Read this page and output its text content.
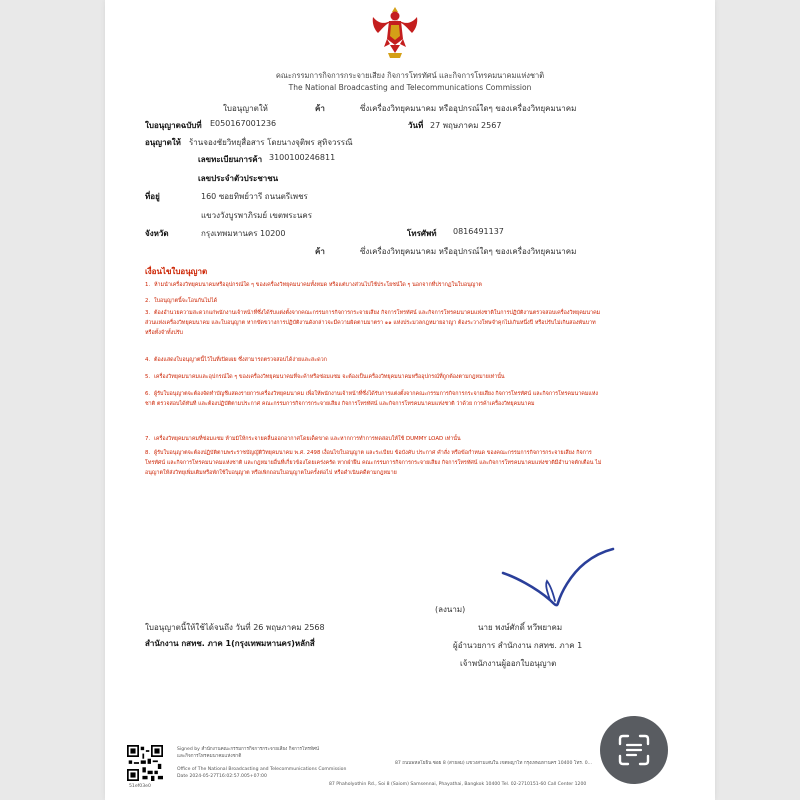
คณะกรรมการกิจการกระจายเสียง กิจการโทรทัศน์ และกิจการโทรคมนาคมแห่งชาติ
The National Broadcasting and Telecommunications Commission
ใบอนุญาตให้	ค้า	ซึ่งเครื่องวิทยุคมนาคม หรืออุปกรณ์ใดๆ ของเครื่องวิทยุคมนาคม
ใบอนุญาตฉบับที่ E050167001236	วันที่ 27 พฤษภาคม 2567
อนุญาตให้ ร้านจองชัยวิทยุสื่อสาร โดยนางจุติพร สุทิจวรรณี
เลขทะเบียนการค้า 3100100246811
เลขประจำตัวประชาชน
ที่อยู่	160 ซอยทิพย์วารี ถนนตรีเพชร
แขวงวังบูรพาภิรมย์ เขตพระนคร
จังหวัด	กรุงเทพมหานคร 10200	โทรศัพท์ 0816491137
ค้า	ซึ่งเครื่องวิทยุคมนาคม หรืออุปกรณ์ใดๆ ของเครื่องวิทยุคมนาคม
เงื่อนไขใบอนุญาต
1. ห้ามนำเครื่องวิทยุคมนาคมหรืออุปกรณ์ใด ๆ ของเครื่องวิทยุคมนาคมทั้งหมด หรือแต่บางส่วนไปใช้ประโยชน์ใด ๆ นอกจากที่ปรากฏในใบอนุญาต
2. ใบอนุญาตนี้จะโอนกันไม่ได้
3. ต้องอำนวยความสะดวกแก่พนักงานเจ้าหน้าที่ซึ่งได้รับแต่งตั้งจากคณะกรรมการกิจการกระจายเสียง กิจการโทรทัศน์ และกิจการโทรคมนาคมแห่งชาติในการปฏิบัติงานตรวจสอบเครื่องวิทยุคมนาคม ส่วนแห่งเครื่องวิทยุคมนาคม และใบอนุญาต หากขัดขวางการปฏิบัติงานดังกล่าวจะมีความผิดตามมาตรา ๑๑ แห่งประมวลกฎหมายอาญา ต้องระวางโทษจำคุกไม่เกินหนึ่งปี หรือปรับไม่เกินสองพันบาท หรือทั้งจำทั้งปรับ
4. ต้องแสดงใบอนุญาตนี้ไว้ในที่เปิดเผย ซึ่งสามารถตรวจสอบได้ง่ายและสะดวก
5. เครื่องวิทยุคมนาคมและอุปกรณ์ใด ๆ ของเครื่องวิทยุคมนาคมที่จะค้าหรือซ่อมแซม จะต้องเป็นเครื่องวิทยุคมนาคมหรืออุปกรณ์ที่ถูกต้องตามกฎหมายเท่านั้น
6. ผู้รับใบอนุญาตจะต้องจัดทำบัญชีแสดงรายการเครื่องวิทยุคมนาคม เพื่อให้พนักงานเจ้าหน้าที่ซึ่งได้รับการแต่งตั้งจากคณะกรรมการกิจการกระจายเสียง กิจการโทรทัศน์ และกิจการโทรคมนาคมแห่งชาติ ตรวจสอบได้ทันที และต้องปฏิบัติตามประกาศ คณะกรรมการกิจการกระจายเสียง กิจการโทรทัศน์ และกิจการโทรคมนาคมแห่งชาติ ว่าด้วย การค้าเครื่องวิทยุคมนาคม
7. เครื่องวิทยุคมนาคมที่ซ่อมแซม ห้ามมิให้กระจายคลื่นออกอากาศโดยเด็ดขาด และหากการทำการทดสอบให้ใช้ DUMMY LOAD เท่านั้น
8. ผู้รับใบอนุญาตจะต้องปฏิบัติตามพระราชบัญญัติวิทยุคมนาคม พ.ศ. 2498 เงื่อนไขใบอนุญาต และระเบียบ ข้อบังคับ ประกาศ คำสั่ง หรือข้อกำหนด ของคณะกรรมการกิจการกระจายเสียง กิจการโทรทัศน์ และกิจการโทรคมนาคมแห่งชาติ และกฎหมายอื่นที่เกี่ยวข้องโดยเคร่งครัด หากฝ่าฝืน คณะกรรมการกิจการกระจายเสียง กิจการโทรทัศน์ และกิจการโทรคมนาคมแห่งชาติมีอำนาจตักเตือน ไม่อนุญาตให้ส่งวิทยุเพิ่มเติมหรือพักใช้ใบอนุญาต หรือเพิกถอนใบอนุญาตในครั้งต่อไป หรือดำเนินคดีตามกฎหมาย
(ลงนาม)
นาย พงษ์ศักดิ์ ทวีพยาคม
ผู้อำนวยการ สำนักงาน กสทช. ภาค 1
เจ้าพนักงานผู้ออกใบอนุญาต
ใบอนุญาตนี้ให้ใช้ได้จนถึง วันที่ 26 พฤษภาคม 2568
สำนักงาน กสทช. ภาค 1(กรุงเทพมหานคร)หลักสี่
51ef03e0
Signed by สำนักงานคณะกรรมการกิจการกระจายเสียง กิจการโทรทัศน์
และกิจการโทรคมนาคมแห่งชาติ
Office of The National Broadcasting and Telecommunications Commission
Date 2024-05-27T16:02:57.005+07:00
87 ถนนพหลโยธิน ซอย 8 (สายลม) แขวงสามเสนใน เขตพญาไท กรุงเทพมหานคร 10400 โทร. 0...
87 Phaholyothin Rd., Soi 8 (Saiom) Samsennai, Phayathai, Bangkok 10400 Tel. 02-2710151-60 Call Center 1200
